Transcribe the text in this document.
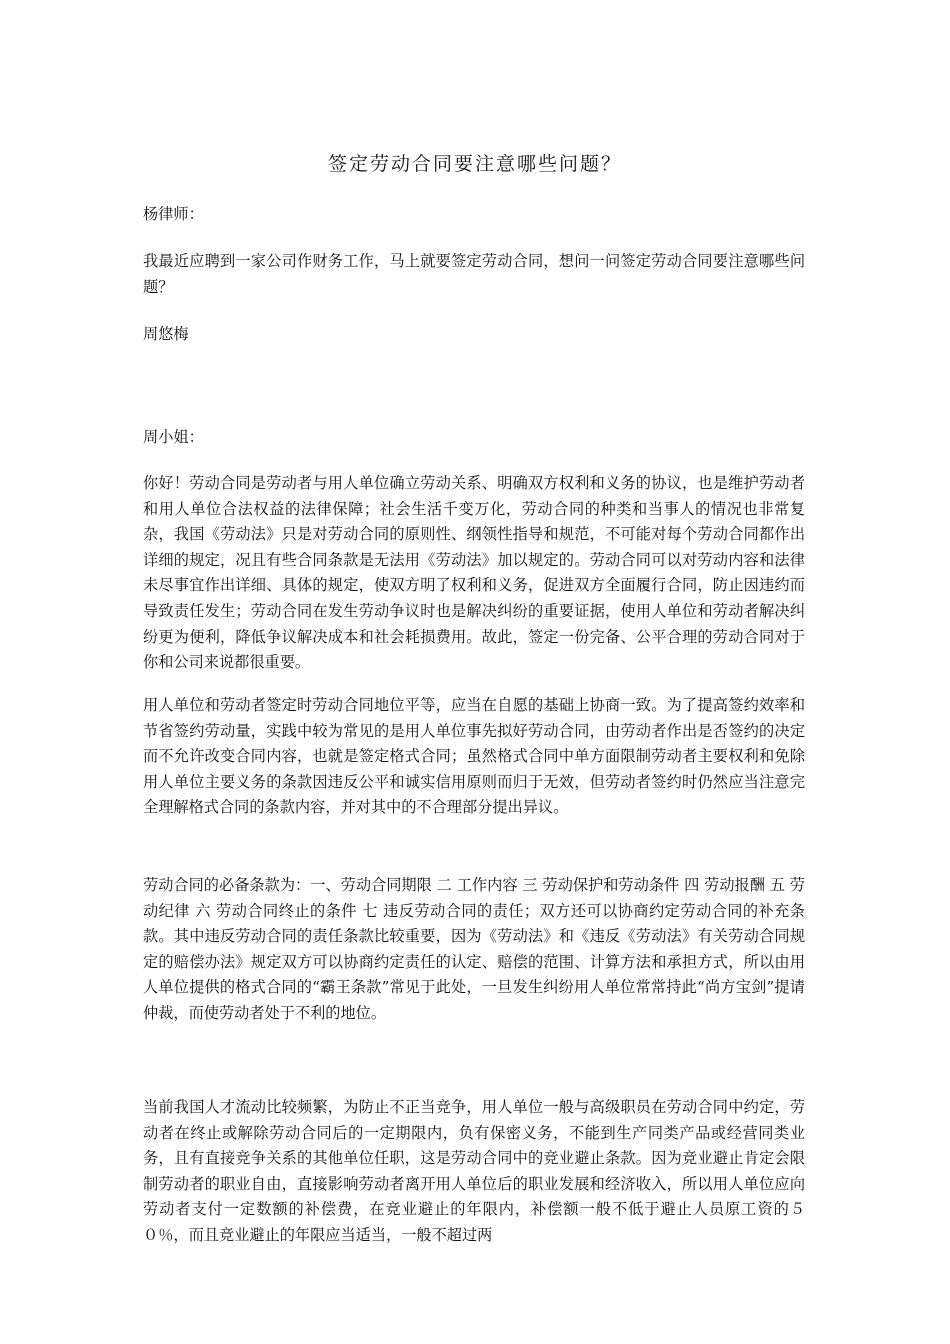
签定劳动合同要注意哪些问题？

杨律师：

我最近应聘到一家公司作财务工作，马上就要签定劳动合同，想问一问签定劳动合同要注意哪些问题？

周悠梅

周小姐：

你好！劳动合同是劳动者与用人单位确立劳动关系、明确双方权利和义务的协议，也是维护劳动者和用人单位合法权益的法律保障；社会生活千变万化，劳动合同的种类和当事人的情况也非常复杂，我国《劳动法》只是对劳动合同的原则性、纲领性指导和规范，不可能对每个劳动合同都作出详细的规定，况且有些合同条款是无法用《劳动法》加以规定的。劳动合同可以对劳动内容和法律未尽事宜作出详细、具体的规定，使双方明了权利和义务，促进双方全面履行合同，防止因违约而导致责任发生；劳动合同在发生劳动争议时也是解决纠纷的重要证据，使用人单位和劳动者解决纠纷更为便利，降低争议解决成本和社会耗损费用。故此，签定一份完备、公平合理的劳动合同对于你和公司来说都很重要。

用人单位和劳动者签定时劳动合同地位平等，应当在自愿的基础上协商一致。为了提高签约效率和节省签约劳动量，实践中较为常见的是用人单位事先拟好劳动合同，由劳动者作出是否签约的决定而不允许改变合同内容，也就是签定格式合同；虽然格式合同中单方面限制劳动者主要权利和免除用人单位主要义务的条款因违反公平和诚实信用原则而归于无效，但劳动者签约时仍然应当注意完全理解格式合同的条款内容，并对其中的不合理部分提出异议。

劳动合同的必备条款为：一、劳动合同期限 二 工作内容 三 劳动保护和劳动条件 四 劳动报酬 五 劳动纪律 六 劳动合同终止的条件 七 违反劳动合同的责任；双方还可以协商约定劳动合同的补充条款。其中违反劳动合同的责任条款比较重要，因为《劳动法》和《违反《劳动法》有关劳动合同规定的赔偿办法》规定双方可以协商约定责任的认定、赔偿的范围、计算方法和承担方式，所以由用人单位提供的格式合同的“霸王条款”常见于此处，一旦发生纠纷用人单位常常持此“尚方宝剑”提请仲裁，而使劳动者处于不利的地位。

当前我国人才流动比较频繁，为防止不正当竞争，用人单位一般与高级职员在劳动合同中约定，劳动者在终止或解除劳动合同后的一定期限内，负有保密义务，不能到生产同类产品或经营同类业务，且有直接竞争关系的其他单位任职，这是劳动合同中的竞业避止条款。因为竞业避止肯定会限制劳动者的职业自由，直接影响劳动者离开用人单位后的职业发展和经济收入，所以用人单位应向劳动者支付一定数额的补偿费，在竞业避止的年限内，补偿额一般不低于避止人员原工资的５０％，而且竞业避止的年限应当适当，一般不超过两
